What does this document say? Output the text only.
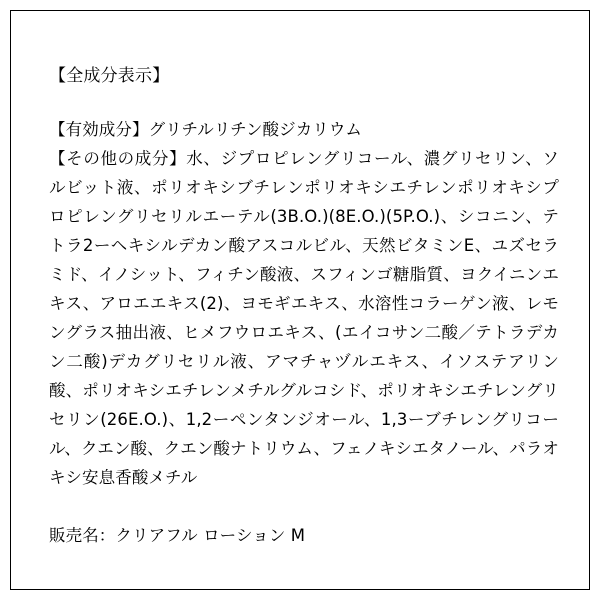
【全成分表示】

【有効成分】グリチルリチン酸ジカリウム
【その他の成分】水、ジプロピレングリコール、濃グリセリン、ソルビット液、ポリオキシブチレンポリオキシエチレンポリオキシプロピレングリセリルエーテル(3B.O.)(8E.O.)(5P.O.)、シコニン、テトラ2ーヘキシルデカン酸アスコルビル、天然ビタミンE、ユズセラミド、イノシット、フィチン酸液、スフィンゴ糖脂質、ヨクイニンエキス、アロエエキス(2)、ヨモギエキス、水溶性コラーゲン液、レモングラス抽出液、ヒメフウロエキス、(エイコサン二酸／テトラデカン二酸)デカグリセリル液、アマチャヅルエキス、イソステアリン酸、ポリオキシエチレンメチルグルコシド、ポリオキシエチレングリセリン(26E.O.)、1,2ーペンタンジオール、1,3ーブチレングリコール、クエン酸、クエン酸ナトリウム、フェノキシエタノール、パラオキシ安息香酸メチル

販売名：クリアフル ローション M
